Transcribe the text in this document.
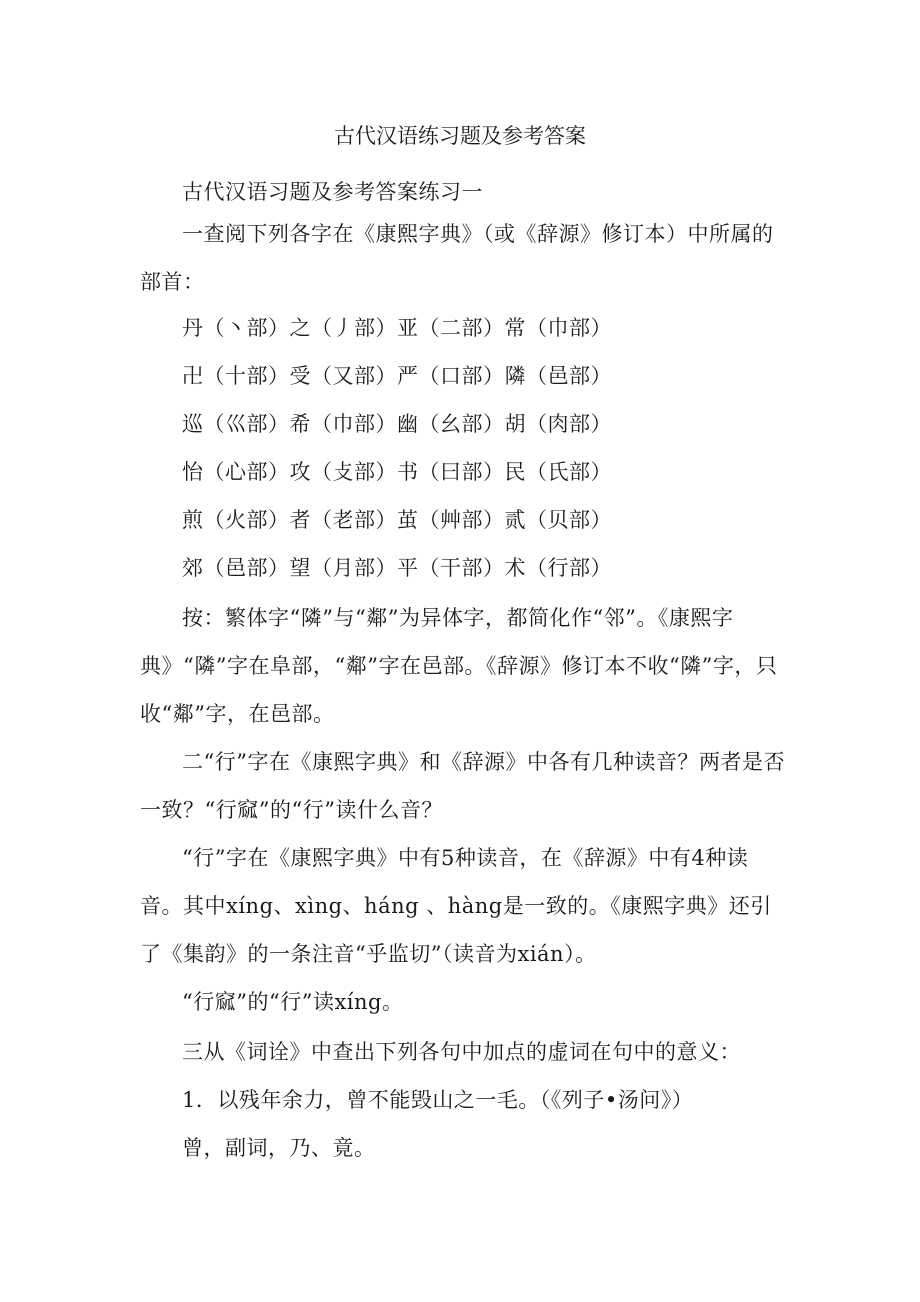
古代汉语练习题及参考答案
古代汉语习题及参考答案练习一

一查阅下列各字在《康熙字典》（或《辞源》修订本）中所属的部首：

丹（丶部）之（丿部）亚（二部）常（巾部）
卍（十部）受（又部）严（口部）隣（邑部）
巡（巛部）希（巾部）幽（幺部）胡（肉部）
怡（心部）攻（攴部）书（曰部）民（氏部）
煎（火部）者（老部）茧（艸部）贰（贝部）
郊（邑部）望（月部）平（干部）术（行部）

按：繁体字“隣”与“鄰”为异体字，都简化作“邻”。《康熙字典》“隣”字在阜部，“鄰”字在邑部。《辞源》修订本不收“隣”字，只收“鄰”字，在邑部。

二“行”字在《康熙字典》和《辞源》中各有几种读音？两者是否一致？“行窳”的“行”读什么音？

“行”字在《康熙字典》中有5种读音，在《辞源》中有4种读音。其中xíng、xìng、háng 、hàng是一致的。《康熙字典》还引了《集韵》的一条注音“乎监切”（读音为xián）。

“行窳”的“行”读xíng。
三从《词诠》中查出下列各句中加点的虚词在句中的意义：
1．以残年余力，曾不能毁山之一毛。（《列子•汤问》）
曾，副词，乃、竟。
